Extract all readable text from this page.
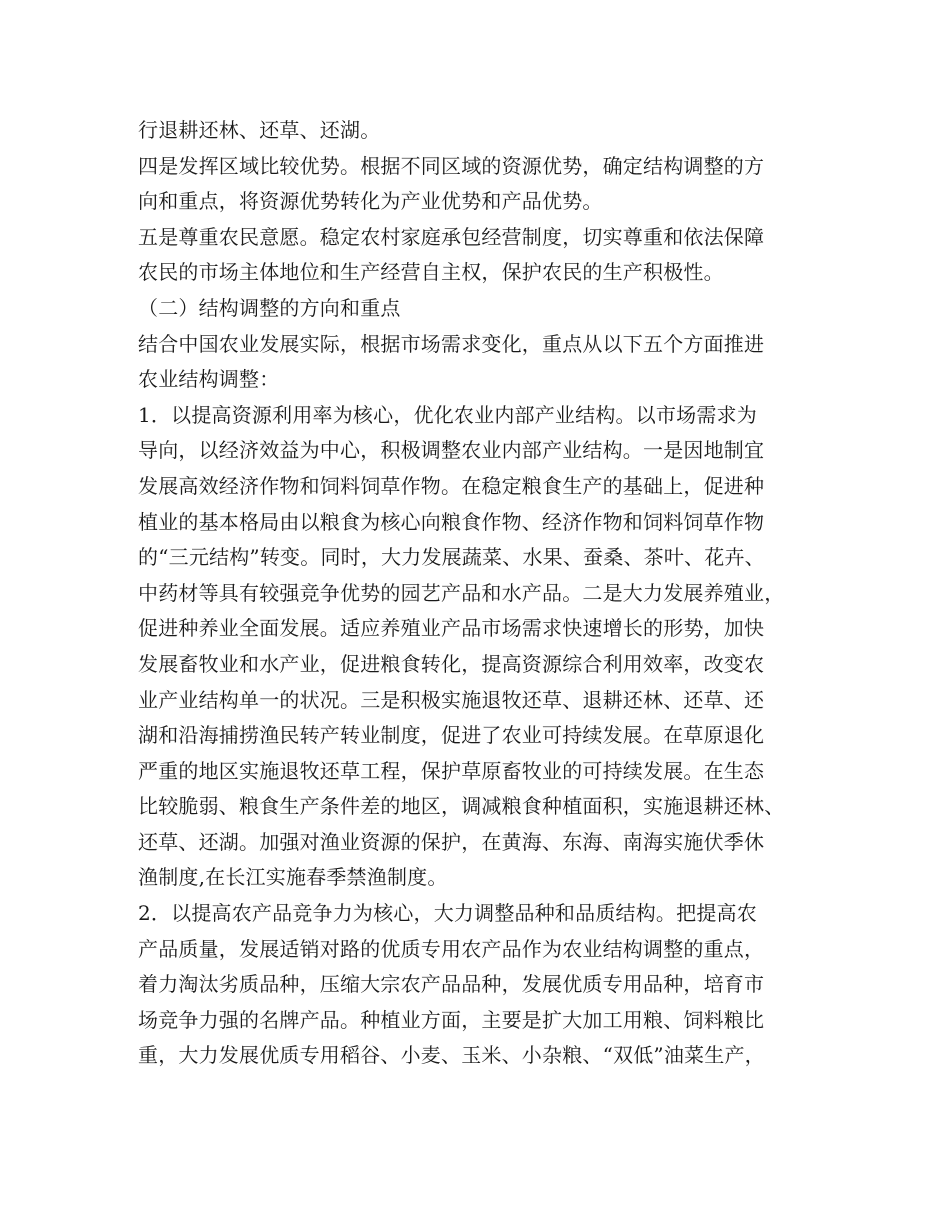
行退耕还林、还草、还湖。
四是发挥区域比较优势。根据不同区域的资源优势，确定结构调整的方
向和重点，将资源优势转化为产业优势和产品优势。
五是尊重农民意愿。稳定农村家庭承包经营制度，切实尊重和依法保障
农民的市场主体地位和生产经营自主权，保护农民的生产积极性。
（二）结构调整的方向和重点
结合中国农业发展实际，根据市场需求变化，重点从以下五个方面推进
农业结构调整：
1．以提高资源利用率为核心，优化农业内部产业结构。以市场需求为
导向，以经济效益为中心，积极调整农业内部产业结构。一是因地制宜
发展高效经济作物和饲料饲草作物。在稳定粮食生产的基础上，促进种
植业的基本格局由以粮食为核心向粮食作物、经济作物和饲料饲草作物
的“三元结构”转变。同时，大力发展蔬菜、水果、蚕桑、茶叶、花卉、
中药材等具有较强竞争优势的园艺产品和水产品。二是大力发展养殖业，
促进种养业全面发展。适应养殖业产品市场需求快速增长的形势，加快
发展畜牧业和水产业，促进粮食转化，提高资源综合利用效率，改变农
业产业结构单一的状况。三是积极实施退牧还草、退耕还林、还草、还
湖和沿海捕捞渔民转产转业制度，促进了农业可持续发展。在草原退化
严重的地区实施退牧还草工程，保护草原畜牧业的可持续发展。在生态
比较脆弱、粮食生产条件差的地区，调减粮食种植面积，实施退耕还林、
还草、还湖。加强对渔业资源的保护，在黄海、东海、南海实施伏季休
渔制度,在长江实施春季禁渔制度。
2．以提高农产品竞争力为核心，大力调整品种和品质结构。把提高农
产品质量，发展适销对路的优质专用农产品作为农业结构调整的重点，
着力淘汰劣质品种，压缩大宗农产品品种，发展优质专用品种，培育市
场竞争力强的名牌产品。种植业方面，主要是扩大加工用粮、饲料粮比
重，大力发展优质专用稻谷、小麦、玉米、小杂粮、“双低”油菜生产，
